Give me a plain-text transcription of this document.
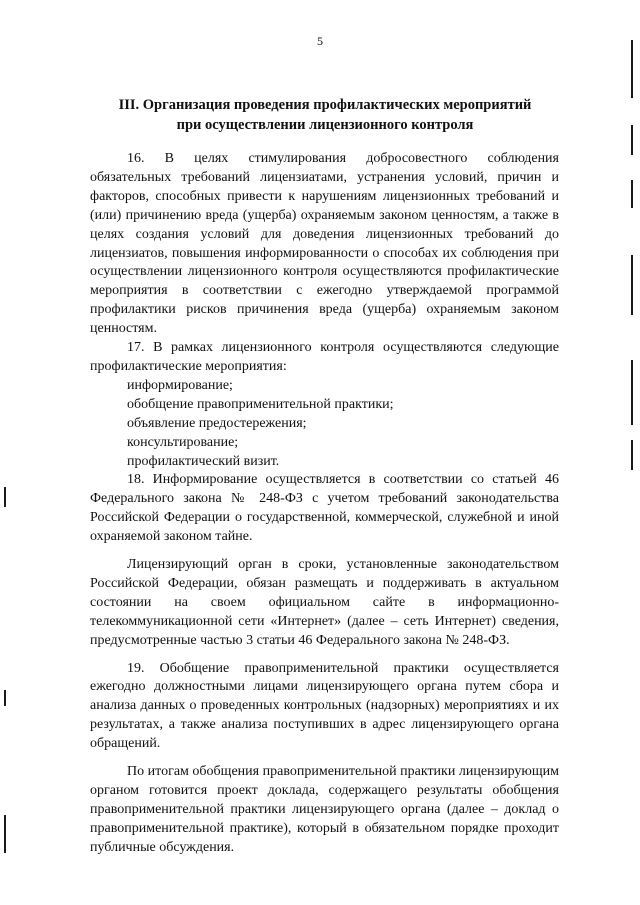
5
III. Организация проведения профилактических мероприятий
при осуществлении лицензионного контроля

16. В целях стимулирования добросовестного соблюдения обязательных требований лицензиатами, устранения условий, причин и факторов, способных привести к нарушениям лицензионных требований и (или) причинению вреда (ущерба) охраняемым законом ценностям, а также в целях создания условий для доведения лицензионных требований до лицензиатов, повышения информированности о способах их соблюдения при осуществлении лицензионного контроля осуществляются профилактические мероприятия в соответствии с ежегодно утверждаемой программой профилактики рисков причинения вреда (ущерба) охраняемым законом ценностям.

17. В рамках лицензионного контроля осуществляются следующие профилактические мероприятия:

информирование;

обобщение правоприменительной практики;

объявление предостережения;

консультирование;

профилактический визит.

18. Информирование осуществляется в соответствии со статьей 46 Федерального закона № 248-ФЗ с учетом требований законодательства Российской Федерации о государственной, коммерческой, служебной и иной охраняемой законом тайне.

Лицензирующий орган в сроки, установленные законодательством Российской Федерации, обязан размещать и поддерживать в актуальном состоянии на своем официальном сайте в информационно-телекоммуникационной сети «Интернет» (далее – сеть Интернет) сведения, предусмотренные частью 3 статьи 46 Федерального закона № 248-ФЗ.

19. Обобщение правоприменительной практики осуществляется ежегодно должностными лицами лицензирующего органа путем сбора и анализа данных о проведенных контрольных (надзорных) мероприятиях и их результатах, а также анализа поступивших в адрес лицензирующего органа обращений.

По итогам обобщения правоприменительной практики лицензирующим органом готовится проект доклада, содержащего результаты обобщения правоприменительной практики лицензирующего органа (далее – доклад о правоприменительной практике), который в обязательном порядке проходит публичные обсуждения.
